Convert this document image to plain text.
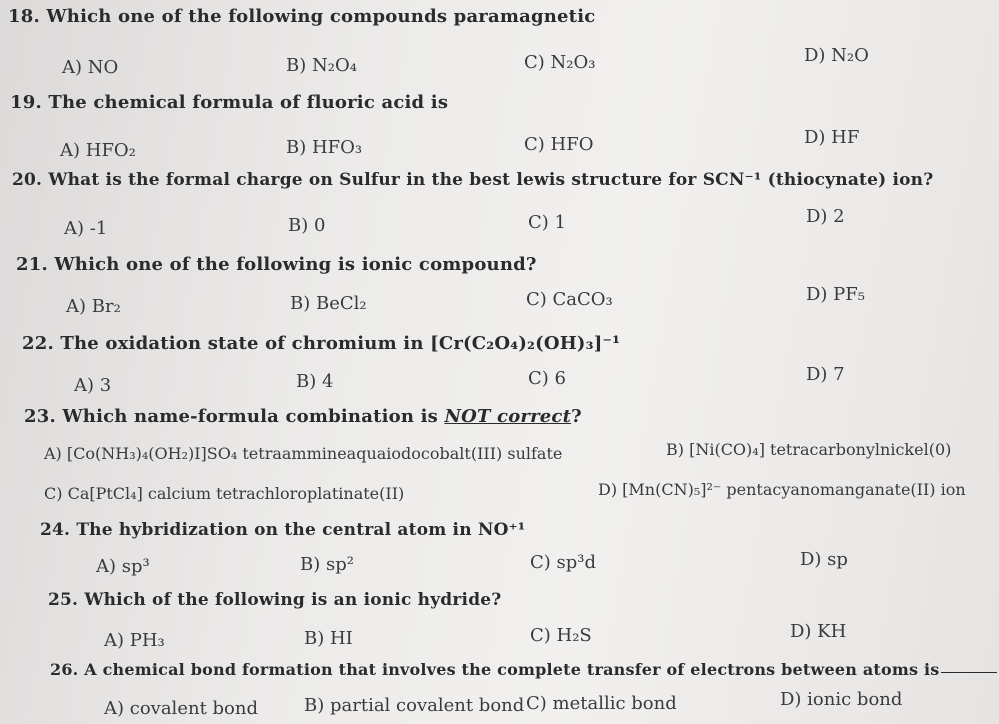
18. Which one of the following compounds paramagnetic
A) NO	B) N₂O₄	C) N₂O₃	D) N₂O
19. The chemical formula of fluoric acid is
A) HFO₂	B) HFO₃	C) HFO	D) HF
20. What is the formal charge on Sulfur in the best lewis structure for SCN⁻¹ (thiocynate) ion?
A) -1	B) 0	C) 1	D) 2
21. Which one of the following is ionic compound?
A) Br₂	B) BeCl₂	C) CaCO₃	D) PF₅
22. The oxidation state of chromium in [Cr(C₂O₄)₂(OH)₃]⁻¹
A) 3	B) 4	C) 6	D) 7
23. Which name-formula combination is NOT correct?
A) [Co(NH₃)₄(OH₂)I]SO₄ tetraamminеaquaiodocobalt(III) sulfate	B) [Ni(CO)₄] tetracarbonylnickel(0)
C) Ca[PtCl₄] calcium tetrachloroplatinate(II)	D) [Mn(CN)₅]²⁻ pentacyanomanganate(II) ion
24. The hybridization on the central atom in NO⁺¹
A) sp³	B) sp²	C) sp³d	D) sp
25. Which of the following is an ionic hydride?
A) PH₃	B) HI	C) H₂S	D) KH
26. A chemical bond formation that involves the complete transfer of electrons between atoms is
A) covalent bond	B) partial covalent bond C) metallic bond	D) ionic bond
